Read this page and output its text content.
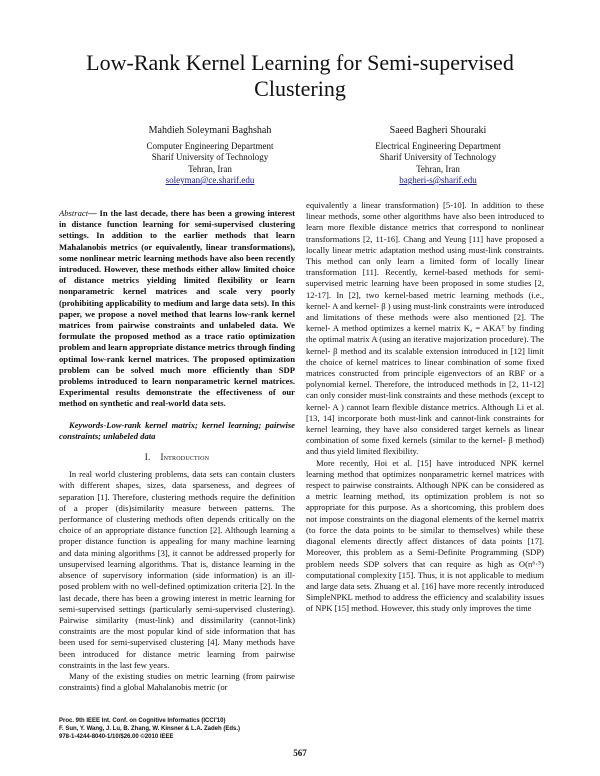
Low-Rank Kernel Learning for Semi-supervised Clustering
Mahdieh Soleymani Baghshah
Computer Engineering Department
Sharif University of Technology
Tehran, Iran
soleyman@ce.sharif.edu
Saeed Bagheri Shouraki
Electrical Engineering Department
Sharif University of Technology
Tehran, Iran
bagheri-s@sharif.edu

Abstract— In the last decade, there has been a growing interest in distance function learning for semi-supervised clustering settings. In addition to the earlier methods that learn Mahalanobis metrics (or equivalently, linear transformations), some nonlinear metric learning methods have also been recently introduced. However, these methods either allow limited choice of distance metrics yielding limited flexibility or learn nonparametric kernel matrices and scale very poorly (prohibiting applicability to medium and large data sets). In this paper, we propose a novel method that learns low-rank kernel matrices from pairwise constraints and unlabeled data. We formulate the proposed method as a trace ratio optimization problem and learn appropriate distance metrics through finding optimal low-rank kernel matrices. The proposed optimization problem can be solved much more efficiently than SDP problems introduced to learn nonparametric kernel matrices. Experimental results demonstrate the effectiveness of our method on synthetic and real-world data sets.

Keywords-Low-rank kernel matrix; kernel learning; pairwise constraints; unlabeled data

I. Introduction

In real world clustering problems, data sets can contain clusters with different shapes, sizes, data sparseness, and degrees of separation [1]. Therefore, clustering methods require the definition of a proper (dis)similarity measure between patterns. The performance of clustering methods often depends critically on the choice of an appropriate distance function [2]. Although learning a proper distance function is appealing for many machine learning and data mining algorithms [3], it cannot be addressed properly for unsupervised learning algorithms. That is, distance learning in the absence of supervisory information (side information) is an ill-posed problem with no well-defined optimization criteria [2]. In the last decade, there has been a growing interest in metric learning for semi-supervised settings (particularly semi-supervised clustering). Pairwise similarity (must-link) and dissimilarity (cannot-link) constraints are the most popular kind of side information that has been used for semi-supervised clustering [4]. Many methods have been introduced for distance metric learning from pairwise constraints in the last few years.

Many of the existing studies on metric learning (from pairwise constraints) find a global Mahalanobis metric (or

equivalently a linear transformation) [5-10]. In addition to these linear methods, some other algorithms have also been introduced to learn more flexible distance metrics that correspond to nonlinear transformations [2, 11-16]. Chang and Yeung [11] have proposed a locally linear metric adaptation method using must-link constraints. This method can only learn a limited form of locally linear transformation [11]. Recently, kernel-based methods for semi-supervised metric learning have been proposed in some studies [2, 12-17]. In [2], two kernel-based metric learning methods (i.e., kernel- A and kernel- β ) using must-link constraints were introduced and limitations of these methods were also mentioned [2]. The kernel- A method optimizes a kernel matrix Kₐ = AKAᵀ by finding the optimal matrix A (using an iterative majorization procedure). The kernel- β method and its scalable extension introduced in [12] limit the choice of kernel matrices to linear combination of some fixed matrices constructed from principle eigenvectors of an RBF or a polynomial kernel. Therefore, the introduced methods in [2, 11-12] can only consider must-link constraints and these methods (except to kernel- A ) cannot learn flexible distance metrics. Although Li et al. [13, 14] incorporate both must-link and cannot-link constraints for kernel learning, they have also considered target kernels as linear combination of some fixed kernels (similar to the kernel- β method) and thus yield limited flexibility.

More recently, Hoi et al. [15] have introduced NPK kernel learning method that optimizes nonparametric kernel matrices with respect to pairwise constraints. Although NPK can be considered as a metric learning method, its optimization problem is not so appropriate for this purpose. As a shortcoming, this problem does not impose constraints on the diagonal elements of the kernel matrix (to force the data points to be similar to themselves) while these diagonal elements directly affect distances of data points [17]. Moreover, this problem as a Semi-Definite Programming (SDP) problem needs SDP solvers that can require as high as O(n⁶·⁵) computational complexity [15]. Thus, it is not applicable to medium and large data sets. Zhuang et al. [16] have more recently introduced SimpleNPKL method to address the efficiency and scalability issues of NPK [15] method. However, this study only improves the time

Proc. 9th IEEE Int. Conf. on Cognitive Informatics (ICCI'10)
F. Sun, Y. Wang, J. Lu, B. Zhang, W. Kinsner & L.A. Zadeh (Eds.)
978-1-4244-8040-1/10/$26.00 ©2010 IEEE
567
